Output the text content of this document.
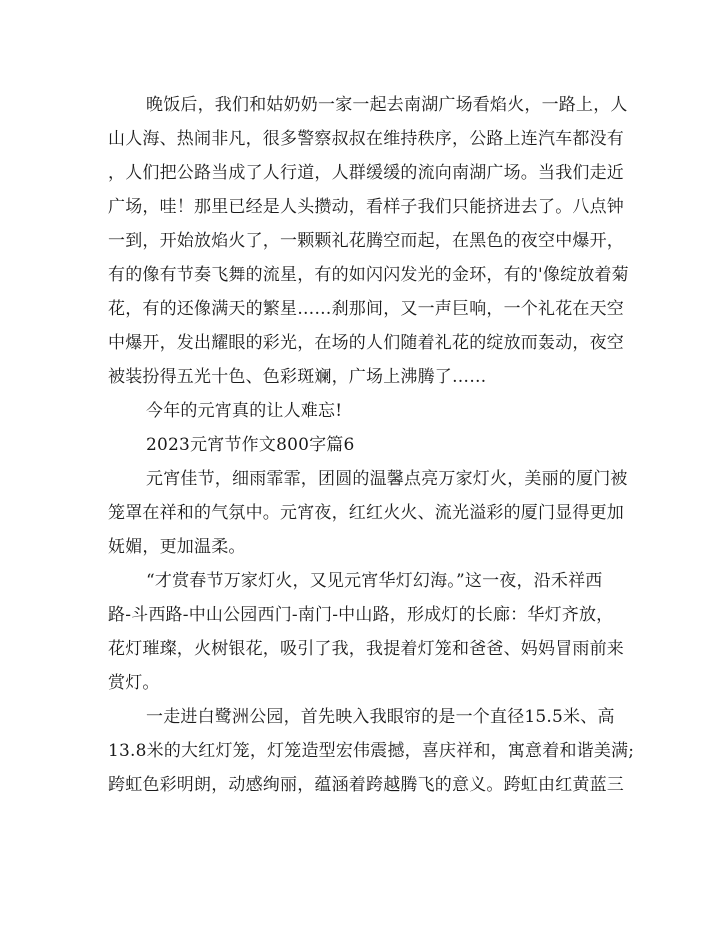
晚饭后，我们和姑奶奶一家一起去南湖广场看焰火，一路上，人
山人海、热闹非凡，很多警察叔叔在维持秩序，公路上连汽车都没有
，人们把公路当成了人行道，人群缓缓的流向南湖广场。当我们走近
广场，哇！那里已经是人头攒动，看样子我们只能挤进去了。八点钟
一到，开始放焰火了，一颗颗礼花腾空而起，在黑色的夜空中爆开，
有的像有节奏飞舞的流星，有的如闪闪发光的金环，有的'像绽放着菊
花，有的还像满天的繁星……刹那间，又一声巨响，一个礼花在天空
中爆开，发出耀眼的彩光，在场的人们随着礼花的绽放而轰动，夜空
被装扮得五光十色、色彩斑斓，广场上沸腾了……

今年的元宵真的让人难忘!

2023元宵节作文800字篇6

元宵佳节，细雨霏霏，团圆的温馨点亮万家灯火，美丽的厦门被
笼罩在祥和的气氛中。元宵夜，红红火火、流光溢彩的厦门显得更加
妩媚，更加温柔。

“才赏春节万家灯火，又见元宵华灯幻海。”这一夜，沿禾祥西
路-斗西路-中山公园西门-南门-中山路，形成灯的长廊：华灯齐放，
花灯璀璨，火树银花，吸引了我，我提着灯笼和爸爸、妈妈冒雨前来
赏灯。

一走进白鹭洲公园，首先映入我眼帘的是一个直径15.5米、高
13.8米的大红灯笼，灯笼造型宏伟震撼，喜庆祥和，寓意着和谐美满;
跨虹色彩明朗，动感绚丽，蕴涵着跨越腾飞的意义。跨虹由红黄蓝三
